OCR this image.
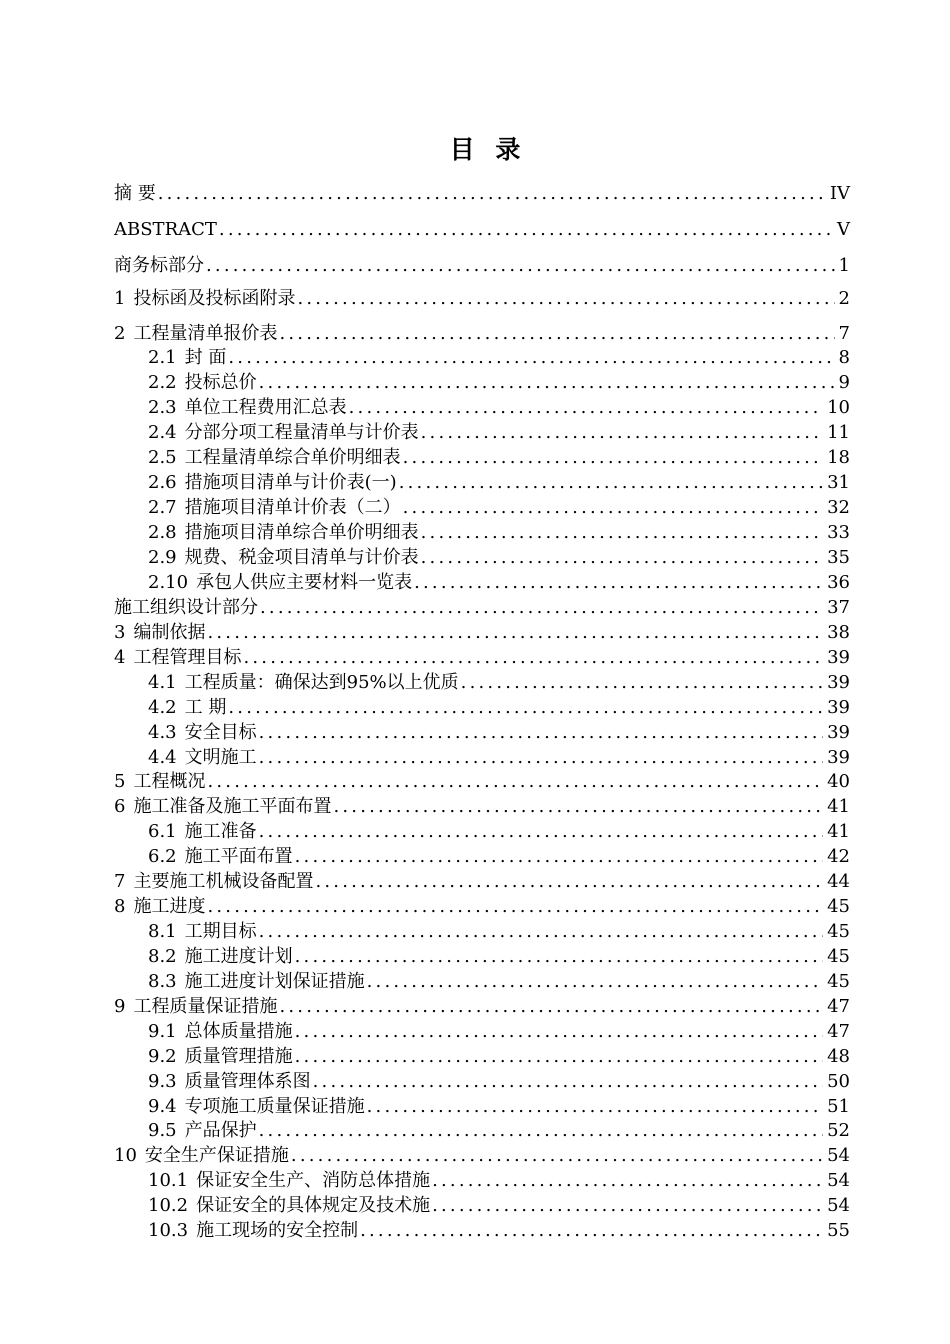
目 录
摘 要 .....	IV
ABSTRACT .....	V
商务标部分 .....	1
1 投标函及投标函附录 .....	2
2 工程量清单报价表 .....	7
2.1 封 面 .....	8
2.2 投标总价 .....	9
2.3 单位工程费用汇总表 .....	10
2.4 分部分项工程量清单与计价表 .....	11
2.5 工程量清单综合单价明细表 .....	18
2.6 措施项目清单与计价表(一) .....	31
2.7 措施项目清单计价表（二） .....	32
2.8 措施项目清单综合单价明细表 .....	33
2.9 规费、税金项目清单与计价表 .....	35
2.10 承包人供应主要材料一览表 .....	36
施工组织设计部分 .....	37
3 编制依据 .....	38
4 工程管理目标 .....	39
4.1 工程质量：确保达到95%以上优质 .....	39
4.2 工 期 .....	39
4.3 安全目标 .....	39
4.4 文明施工 .....	39
5 工程概况 .....	40
6 施工准备及施工平面布置 .....	41
6.1 施工准备 .....	41
6.2 施工平面布置 .....	42
7 主要施工机械设备配置 .....	44
8 施工进度 .....	45
8.1 工期目标 .....	45
8.2 施工进度计划 .....	45
8.3 施工进度计划保证措施 .....	45
9 工程质量保证措施 .....	47
9.1 总体质量措施 .....	47
9.2 质量管理措施 .....	48
9.3 质量管理体系图 .....	50
9.4 专项施工质量保证措施 .....	51
9.5 产品保护 .....	52
10 安全生产保证措施 .....	54
10.1 保证安全生产、消防总体措施 .....	54
10.2 保证安全的具体规定及技术施 .....	54
10.3 施工现场的安全控制 .....	55
